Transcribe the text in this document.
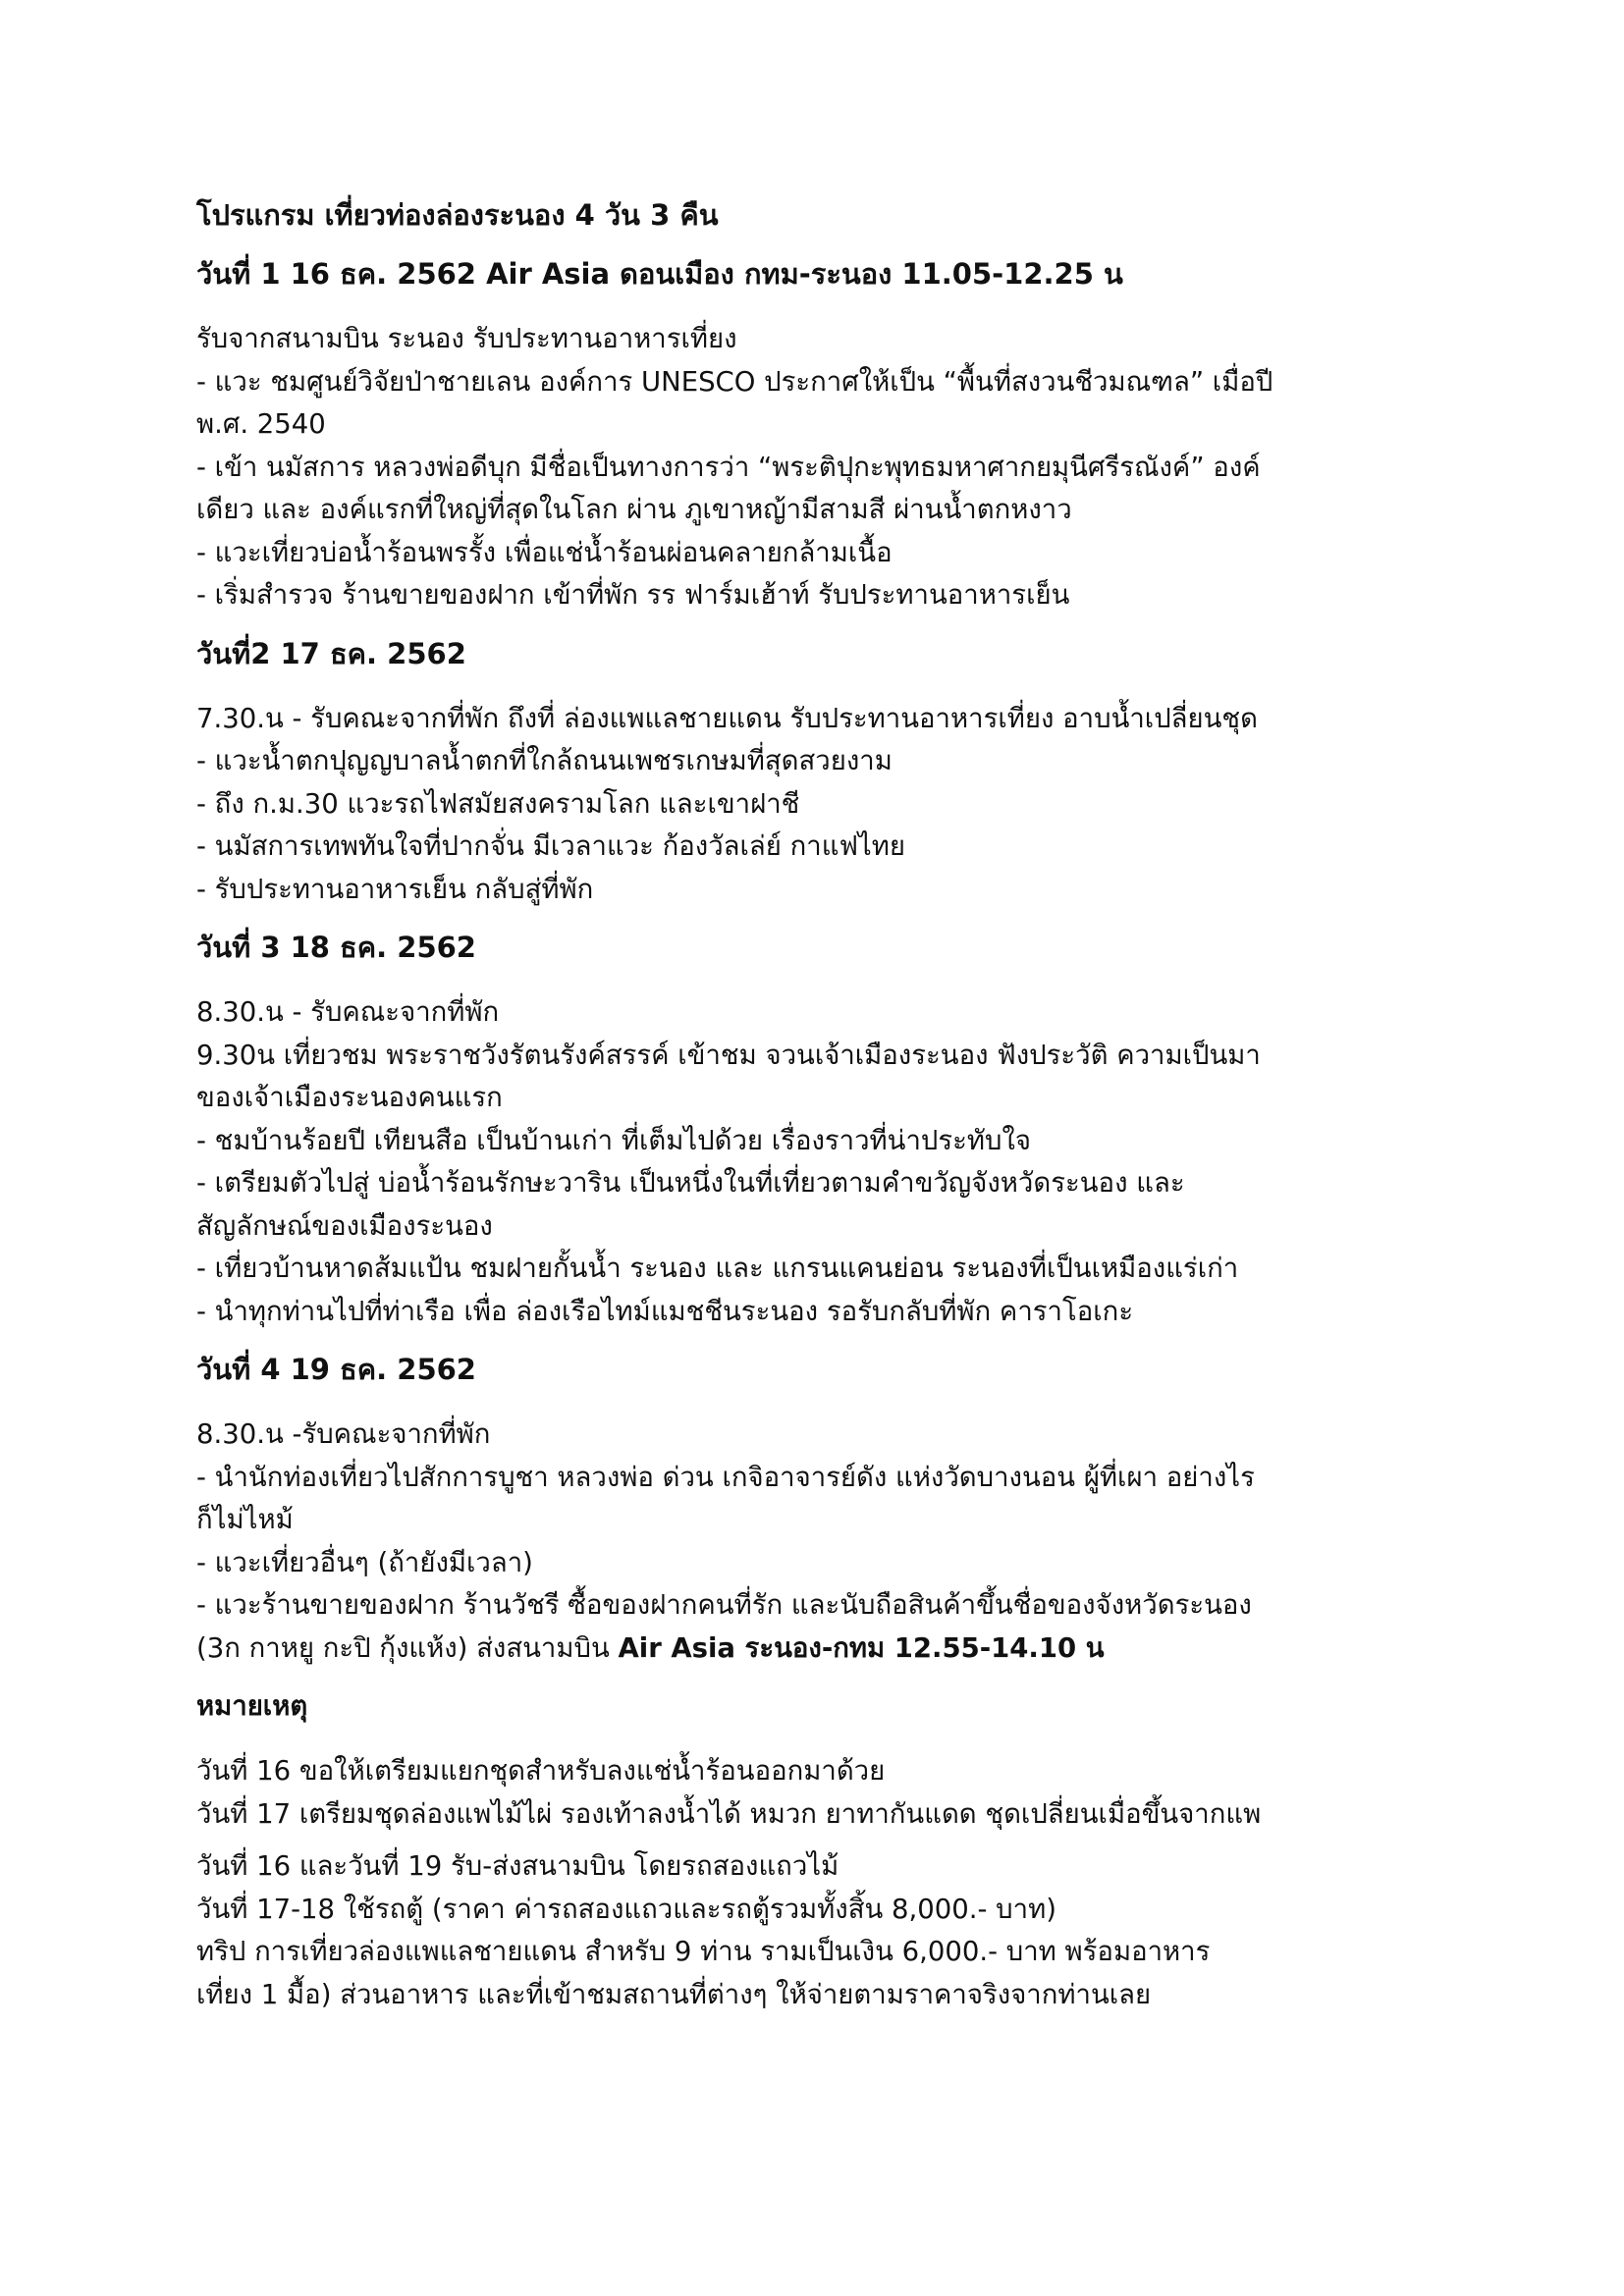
โปรแกรม เที่ยวท่องล่องระนอง 4 วัน 3 คืน
วันที่ 1 16 ธค. 2562 Air Asia ดอนเมือง กทม-ระนอง 11.05-12.25 น
รับจากสนามบิน ระนอง รับประทานอาหารเที่ยง
- แวะ ชมศูนย์วิจัยป่าชายเลน องค์การ UNESCO ประกาศให้เป็น “พื้นที่สงวนชีวมณฑล” เมื่อปี
พ.ศ. 2540
- เข้า นมัสการ หลวงพ่อดีบุก มีชื่อเป็นทางการว่า “พระติปุกะพุทธมหาศากยมุนีศรีรณังค์” องค์
เดียว และ องค์แรกที่ใหญ่ที่สุดในโลก ผ่าน ภูเขาหญ้ามีสามสี ผ่านน้ำตกหงาว
- แวะเที่ยวบ่อน้ำร้อนพรรั้ง เพื่อแช่น้ำร้อนผ่อนคลายกล้ามเนื้อ
- เริ่มสำรวจ ร้านขายของฝาก เข้าที่พัก รร ฟาร์มเฮ้าท์ รับประทานอาหารเย็น
วันที่2 17 ธค. 2562
7.30.น - รับคณะจากที่พัก ถึงที่ ล่องแพแลชายแดน รับประทานอาหารเที่ยง อาบน้ำเปลี่ยนชุด
- แวะน้ำตกปุญญบาลน้ำตกที่ใกล้ถนนเพชรเกษมที่สุดสวยงาม
- ถึง ก.ม.30 แวะรถไฟสมัยสงครามโลก และเขาฝาชี
- นมัสการเทพทันใจที่ปากจั่น มีเวลาแวะ ก้องวัลเล่ย์ กาแฟไทย
- รับประทานอาหารเย็น กลับสู่ที่พัก
วันที่ 3 18 ธค. 2562
8.30.น - รับคณะจากที่พัก
9.30น เที่ยวชม พระราชวังรัตนรังค์สรรค์ เข้าชม จวนเจ้าเมืองระนอง ฟังประวัติ ความเป็นมา
ของเจ้าเมืองระนองคนแรก
- ชมบ้านร้อยปี เทียนสือ เป็นบ้านเก่า ที่เต็มไปด้วย เรื่องราวที่น่าประทับใจ
- เตรียมตัวไปสู่ บ่อน้ำร้อนรักษะวาริน เป็นหนึ่งในที่เที่ยวตามคำขวัญจังหวัดระนอง และ
สัญลักษณ์ของเมืองระนอง
- เที่ยวบ้านหาดส้มแป้น ชมฝายกั้นน้ำ ระนอง และ แกรนแคนย่อน ระนองที่เป็นเหมืองแร่เก่า
- นำทุกท่านไปที่ท่าเรือ เพื่อ ล่องเรือไทม์แมชชีนระนอง รอรับกลับที่พัก คาราโอเกะ
วันที่ 4 19 ธค. 2562
8.30.น -รับคณะจากที่พัก
- นำนักท่องเที่ยวไปสักการบูชา หลวงพ่อ ด่วน เกจิอาจารย์ดัง แห่งวัดบางนอน ผู้ที่เผา อย่างไร
ก็ไม่ไหม้
- แวะเที่ยวอื่นๆ (ถ้ายังมีเวลา)
- แวะร้านขายของฝาก ร้านวัชรี ซื้อของฝากคนที่รัก และนับถือสินค้าขึ้นชื่อของจังหวัดระนอง
(3ก กาหยู กะปิ กุ้งแห้ง) ส่งสนามบิน Air Asia ระนอง-กทม 12.55-14.10 น
หมายเหตุ
วันที่ 16 ขอให้เตรียมแยกชุดสำหรับลงแช่น้ำร้อนออกมาด้วย
วันที่ 17 เตรียมชุดล่องแพไม้ไผ่ รองเท้าลงน้ำได้ หมวก ยาทากันแดด ชุดเปลี่ยนเมื่อขึ้นจากแพ
วันที่ 16 และวันที่ 19 รับ-ส่งสนามบิน โดยรถสองแถวไม้
วันที่ 17-18 ใช้รถตู้ (ราคา ค่ารถสองแถวและรถตู้รวมทั้งสิ้น 8,000.- บาท)
ทริป การเที่ยวล่องแพแลชายแดน สำหรับ 9 ท่าน รามเป็นเงิน 6,000.- บาท พร้อมอาหาร
เที่ยง 1 มื้อ) ส่วนอาหาร และที่เข้าชมสถานที่ต่างๆ ให้จ่ายตามราคาจริงจากท่านเลย
